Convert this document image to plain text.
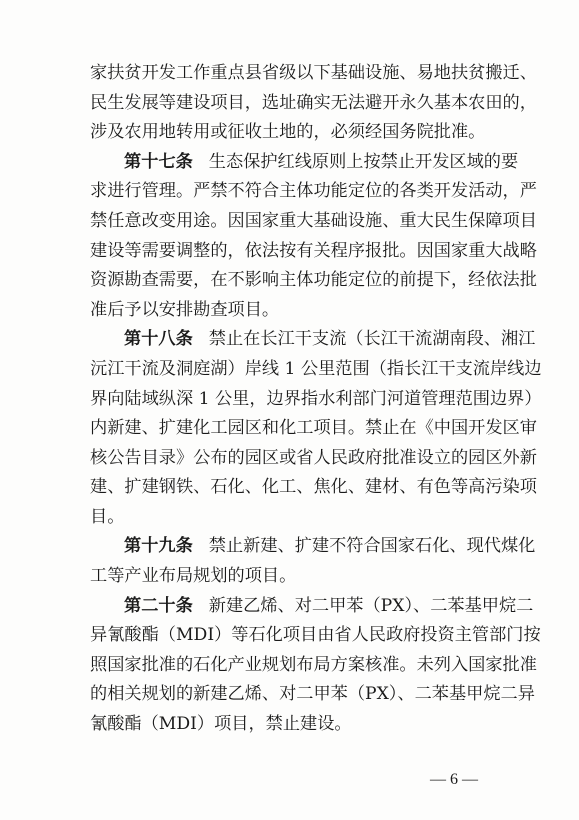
家扶贫开发工作重点县省级以下基础设施、易地扶贫搬迁、
民生发展等建设项目，选址确实无法避开永久基本农田的，
涉及农用地转用或征收土地的，必须经国务院批准。
第十七条 生态保护红线原则上按禁止开发区域的要
求进行管理。严禁不符合主体功能定位的各类开发活动，严
禁任意改变用途。因国家重大基础设施、重大民生保障项目
建设等需要调整的，依法按有关程序报批。因国家重大战略
资源勘查需要，在不影响主体功能定位的前提下，经依法批
准后予以安排勘查项目。
第十八条 禁止在长江干支流（长江干流湖南段、湘江
沅江干流及洞庭湖）岸线 1 公里范围（指长江干支流岸线边
界向陆域纵深 1 公里，边界指水利部门河道管理范围边界）
内新建、扩建化工园区和化工项目。禁止在《中国开发区审
核公告目录》公布的园区或省人民政府批准设立的园区外新
建、扩建钢铁、石化、化工、焦化、建材、有色等高污染项
目。
第十九条 禁止新建、扩建不符合国家石化、现代煤化
工等产业布局规划的项目。
第二十条 新建乙烯、对二甲苯（PX）、二苯基甲烷二
异氰酸酯（MDI）等石化项目由省人民政府投资主管部门按
照国家批准的石化产业规划布局方案核准。未列入国家批准
的相关规划的新建乙烯、对二甲苯（PX）、二苯基甲烷二异
氰酸酯（MDI）项目，禁止建设。
— 6 —
